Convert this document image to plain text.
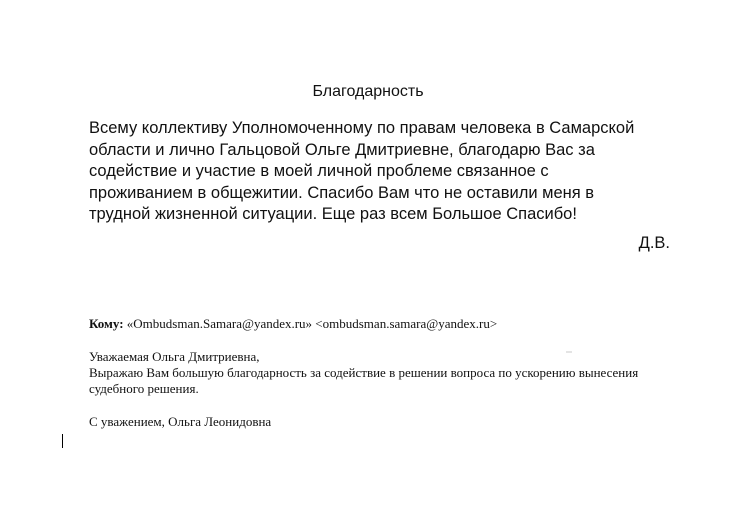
Благодарность
Всему коллективу Уполномоченному по правам человека в Самарской
области и лично Гальцовой Ольге Дмитриевне, благодарю Вас за
содействие и участие в моей личной проблеме связанное с
проживанием в общежитии. Спасибо Вам что не оставили меня в
трудной жизненной ситуации. Еще раз всем Большое Спасибо!
Д.В.
Кому: «Ombudsman.Samara@yandex.ru» <ombudsman.samara@yandex.ru>
Уважаемая Ольга Дмитриевна,
Выражаю Вам большую благодарность за содействие в решении вопроса по ускорению вынесения
судебного решения.
С уважением, Ольга Леонидовна
